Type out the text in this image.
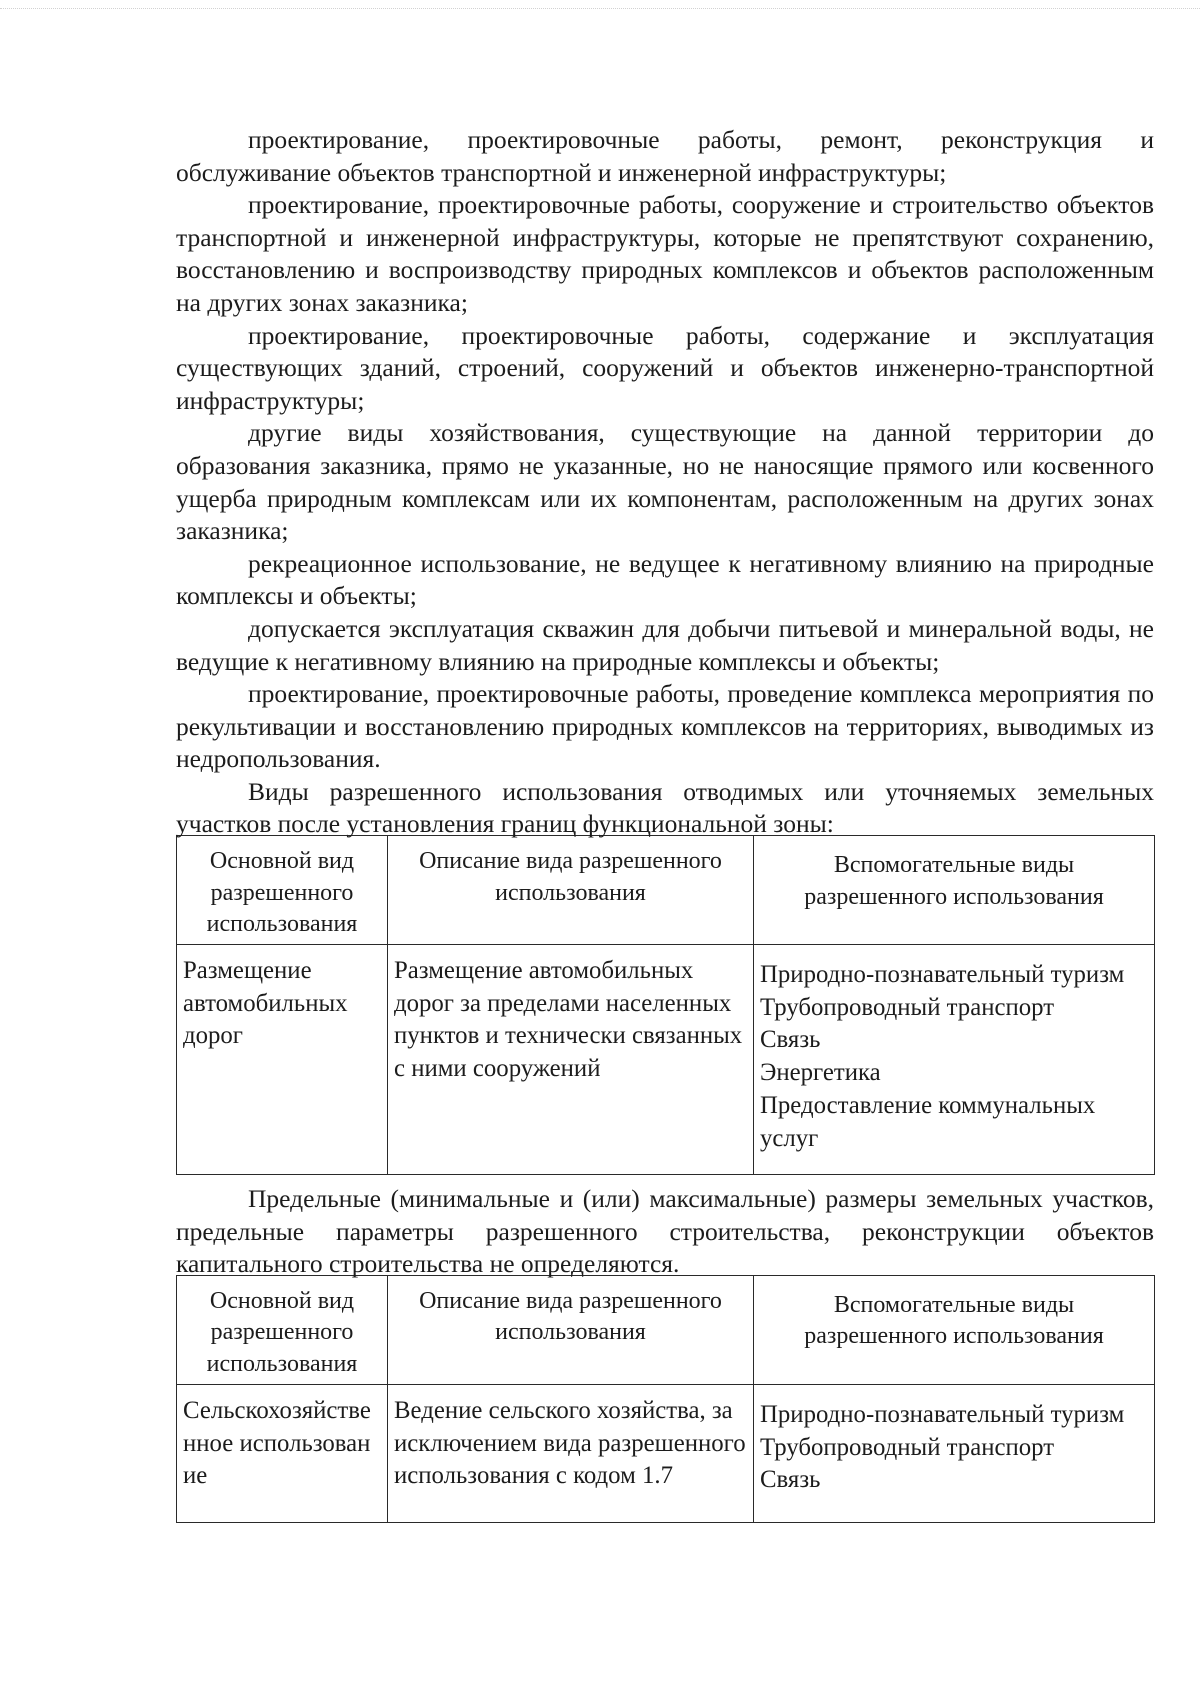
проектирование, проектировочные работы, ремонт, реконструкция и обслуживание объектов транспортной и инженерной инфраструктуры;

проектирование, проектировочные работы, сооружение и строительство объектов транспортной и инженерной инфраструктуры, которые не препятствуют сохранению, восстановлению и воспроизводству природных комплексов и объектов расположенным на других зонах заказника;

проектирование, проектировочные работы, содержание и эксплуатация существующих зданий, строений, сооружений и объектов инженерно-транспортной инфраструктуры;

другие виды хозяйствования, существующие на данной территории до образования заказника, прямо не указанные, но не наносящие прямого или косвенного ущерба природным комплексам или их компонентам, расположенным на других зонах заказника;

рекреационное использование, не ведущее к негативному влиянию на природные комплексы и объекты;

допускается эксплуатация скважин для добычи питьевой и минеральной воды, не ведущие к негативному влиянию на природные комплексы и объекты;

проектирование, проектировочные работы, проведение комплекса мероприятия по рекультивации и восстановлению природных комплексов на территориях, выводимых из недропользования.

Виды разрешенного использования отводимых или уточняемых земельных участков после установления границ функциональной зоны:

Основной вид разрешенного использования	Описание вида разрешенного использования	Вспомогательные виды разрешенного использования
Размещение автомобильных дорог	Размещение автомобильных дорог за пределами населенных пунктов и технически связанных с ними сооружений	Природно-познавательный туризм
Трубопроводный транспорт
Связь
Энергетика
Предоставление коммунальных услуг

Предельные (минимальные и (или) максимальные) размеры земельных участков, предельные параметры разрешенного строительства, реконструкции объектов капитального строительства не определяются.

Основной вид разрешенного использования	Описание вида разрешенного использования	Вспомогательные виды разрешенного использования
Сельскохозяйственное использование	Ведение сельского хозяйства, за исключением вида разрешенного использования с кодом 1.7	Природно-познавательный туризм
Трубопроводный транспорт
Связь
